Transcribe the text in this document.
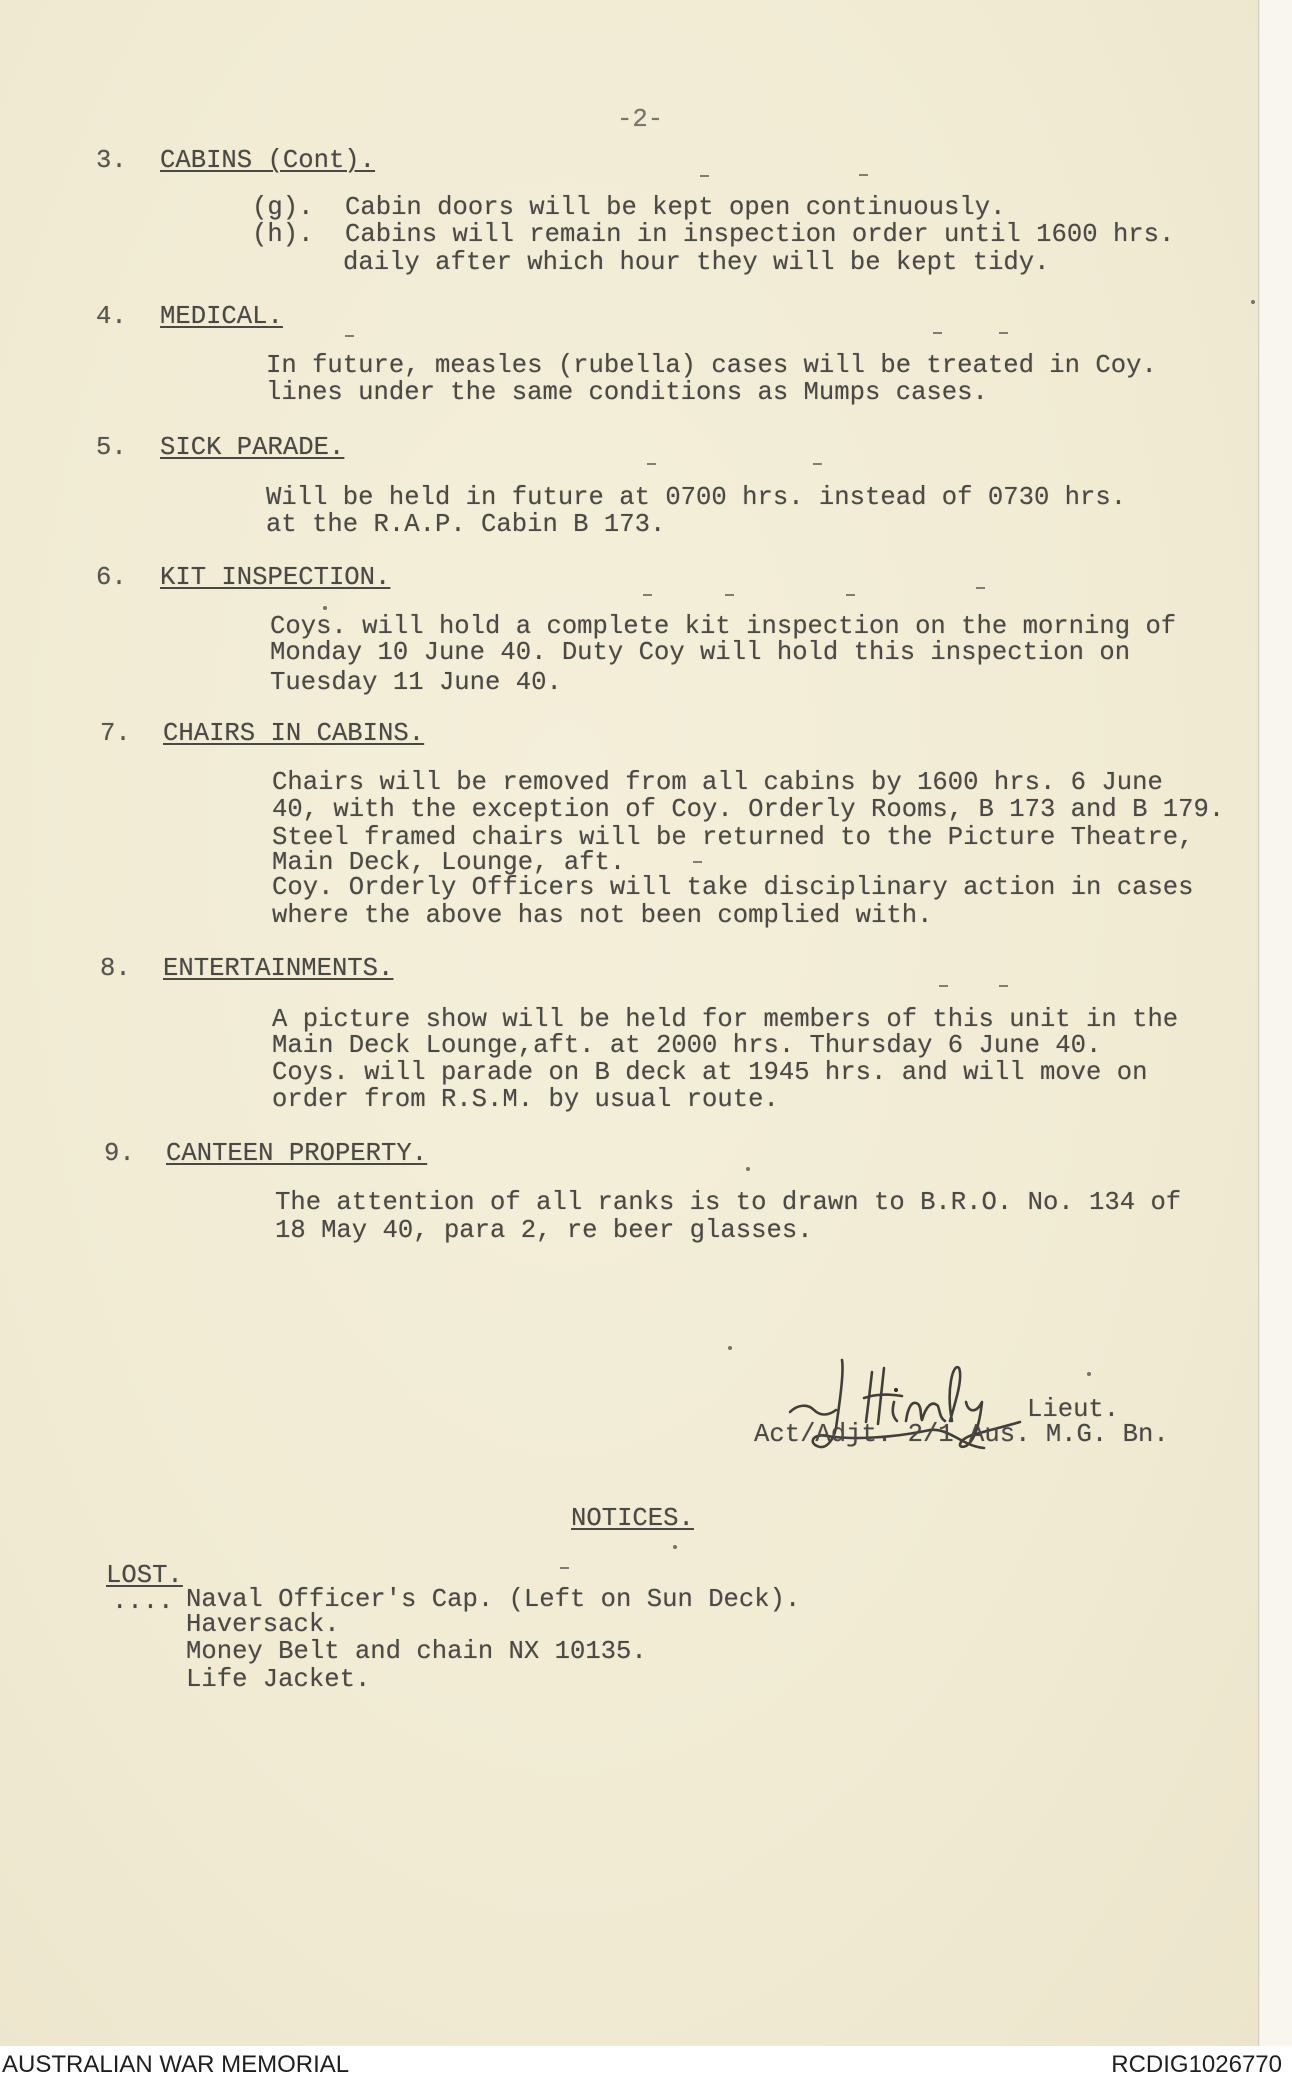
-2-
3. CABINS (Cont).
(g). Cabin doors will be kept open continuously.
(h). Cabins will remain in inspection order until 1600 hrs.
daily after which hour they will be kept tidy.
4. MEDICAL.
In future, measles (rubella) cases will be treated in Coy.
lines under the same conditions as Mumps cases.
5. SICK PARADE.
Will be held in future at 0700 hrs. instead of 0730 hrs.
at the R.A.P. Cabin B 173.
6. KIT INSPECTION.
Coys. will hold a complete kit inspection on the morning of
Monday 10 June 40. Duty Coy will hold this inspection on
Tuesday 11 June 40.
7. CHAIRS IN CABINS.
Chairs will be removed from all cabins by 1600 hrs. 6 June
40, with the exception of Coy. Orderly Rooms, B 173 and B 179.
Steel framed chairs will be returned to the Picture Theatre,
Main Deck, Lounge, aft.
Coy. Orderly Officers will take disciplinary action in cases
where the above has not been complied with.
8. ENTERTAINMENTS.
A picture show will be held for members of this unit in the
Main Deck Lounge,aft. at 2000 hrs. Thursday 6 June 40.
Coys. will parade on B deck at 1945 hrs. and will move on
order from R.S.M. by usual route.
9. CANTEEN PROPERTY.
The attention of all ranks is to drawn to B.R.O. No. 134 of
18 May 40, para 2, re beer glasses.
Lieut.
Act/Adjt. 2/1 Aus. M.G. Bn.
NOTICES.
LOST.
.... Naval Officer's Cap. (Left on Sun Deck).
Haversack.
Money Belt and chain NX 10135.
Life Jacket.
AUSTRALIAN WAR MEMORIAL	RCDIG1026770
